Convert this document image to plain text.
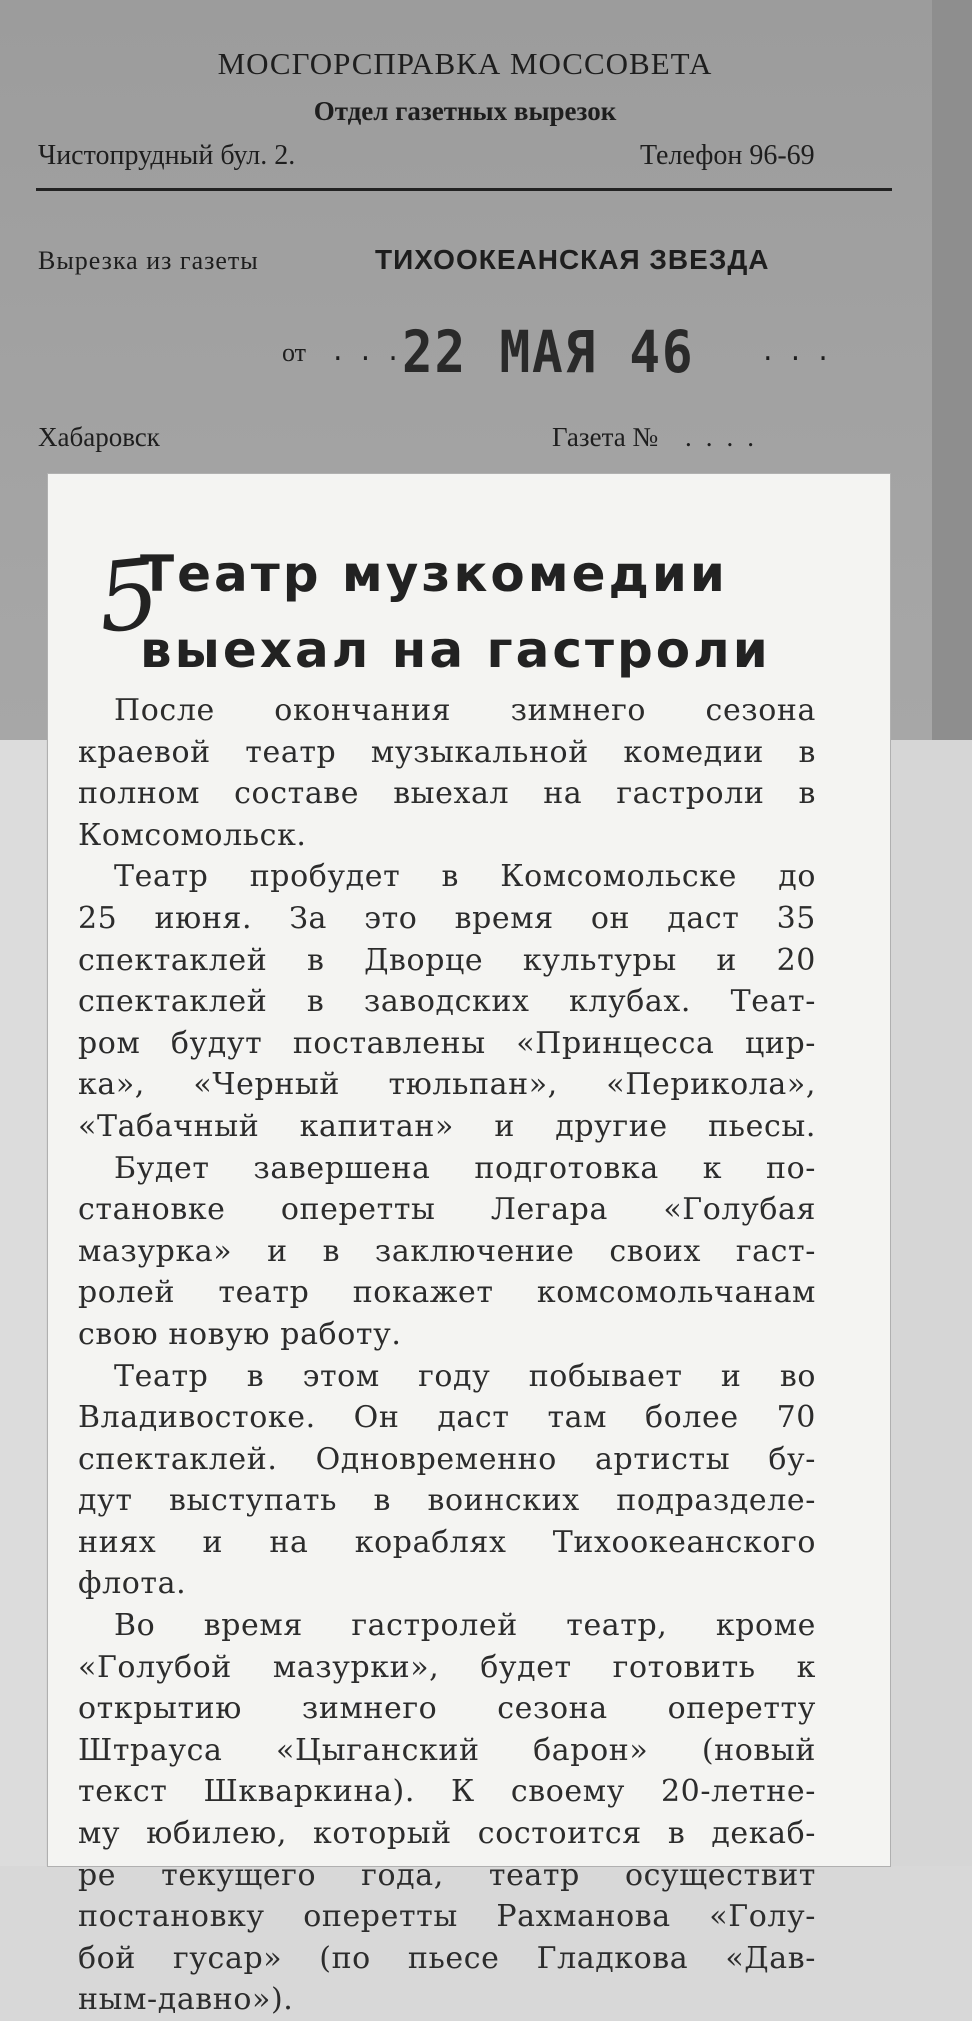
МОСГОРСПРАВКА МОССОВЕТА
Отдел газетных вырезок
Чистопрудный бул. 2.	Телефон 96-69
Вырезка из газеты	ТИХООКЕАНСКАЯ ЗВЕЗДА
от ...
22 МАЯ 46	...
Хабаровск	Газета № ....
5
Театр музкомедии
выехал на гастроли
После окончания зимнего сезона
краевой театр музыкальной комедии в
полном составе выехал на гастроли в
Комсомольск.
Театр пробудет в Комсомольске до
25 июня. За это время он даст 35
спектаклей в Дворце культуры и 20
спектаклей в заводских клубах. Теат-
ром будут поставлены «Принцесса цир-
ка», «Черный тюльпан», «Перикола»,
«Табачный капитан» и другие пьесы.
Будет завершена подготовка к по-
становке оперетты Легара «Голубая
мазурка» и в заключение своих гаст-
ролей театр покажет комсомольчанам
свою новую работу.
Театр в этом году побывает и во
Владивостоке. Он даст там более 70
спектаклей. Одновременно артисты бу-
дут выступать в воинских подразделе-
ниях и на кораблях Тихоокеанского
флота.
Во время гастролей театр, кроме
«Голубой мазурки», будет готовить к
открытию зимнего сезона оперетту
Штрауса «Цыганский барон» (новый
текст Шкваркина). К своему 20-летне-
му юбилею, который состоится в декаб-
ре текущего года, театр осуществит
постановку оперетты Рахманова «Голу-
бой гусар» (по пьесе Гладкова «Дав-
ным-давно»).
